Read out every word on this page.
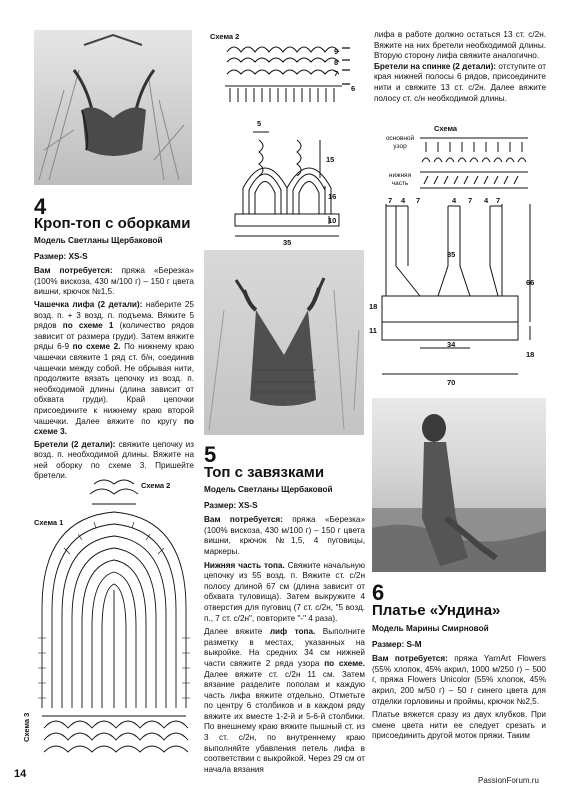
Схема 2
9
8
7
6
5
15
16
10
35

лифа в работе должно остаться 13 ст. с/2н. Вяжите на них бретели необходимой длины. Вторую сторону лифа свяжите аналогично.

Бретели на спинке (2 детали): отступите от края нижней полосы 6 рядов, присоедините нити и свяжите 13 ст. с/2н. Далее вяжите полосу ст. с/н необходимой длины.

Схема
основной узор
нижняя часть
7 4 7	4 7 4 7
35
66
18
11
34
18
70
4
Кроп-топ с оборками

Модель Светланы Щербаковой

Размер: XS-S

Вам потребуется: пряжа «Березка» (100% вискоза, 430 м/100 г) – 150 г цвета вишни, крючок №1,5.

Чашечка лифа (2 детали): наберите 25 возд. п. + 3 возд. п. подъема. Вяжите 5 рядов по схеме 1 (количество рядов зависит от размера груди). Затем вяжите ряды 6-9 по схеме 2. По нижнему краю чашечки свяжите 1 ряд ст. б/н, соединив чашечки между собой. Не обрывая нити, продолжите вязать цепочку из возд. п. необходимой длины (длина зависит от обхвата груди). Край цепочки присоедините к нижнему краю второй чашечки. Далее вяжите по кругу по схеме 3.

Бретели (2 детали): свяжите цепочку из возд. п. необходимой длины. Вяжите на ней оборку по схеме 3. Пришейте бретели.

5
Топ с завязками

Модель Светланы Щербаковой

Размер: XS-S

Вам потребуется: пряжа «Березка» (100% вискоза, 430 м/100 г) – 150 г цвета вишни, крючок №1,5, 4 пуговицы, маркеры.

Нижняя часть топа. Свяжите начальную цепочку из 55 возд. п. Вяжите ст. с/2н полосу длиной 67 см (длина зависит от обхвата туловища). Затем выкружите 4 отверстия для пуговиц (7 ст. с/2н, "5 возд. п., 7 ст. с/2н", повторите "-" 4 раза).

Далее вяжите лиф топа. Выполните разметку в местах, указанных на выкройке. На средних 34 см нижней части свяжите 2 ряда узора по схеме. Далее вяжите ст. с/2н 11 см. Затем вязание разделите пополам и каждую часть лифа вяжите отдельно. Отметьте по центру 6 столбиков и в каждом ряду вяжите их вместе 1-2-й и 5-6-й столбики. По внешнему краю вяжите пышный ст. из 3 ст. с/2н, по внутреннему краю выполняйте убавления петель лифа в соответствии с выкройкой. Через 29 см от начала вязания

6
Платье «Ундина»

Модель Марины Смирновой

Размер: S-M

Вам потребуется: пряжа YarnArt Flowers (55% хлопок, 45% акрил, 1000 м/250 г) – 500 г, пряжа Flowers Unicolor (55% хлопок, 45% акрил, 200 м/50 г) – 50 г синего цвета для отделки горловины и проймы, крючок №2,5.

Платье вяжется сразу из двух клубков. При смене цвета нити ее следует срезать и присоединить другой моток пряжи. Таким

Схема 2
Схема 1
Схема 3
14
PassionForum.ru
